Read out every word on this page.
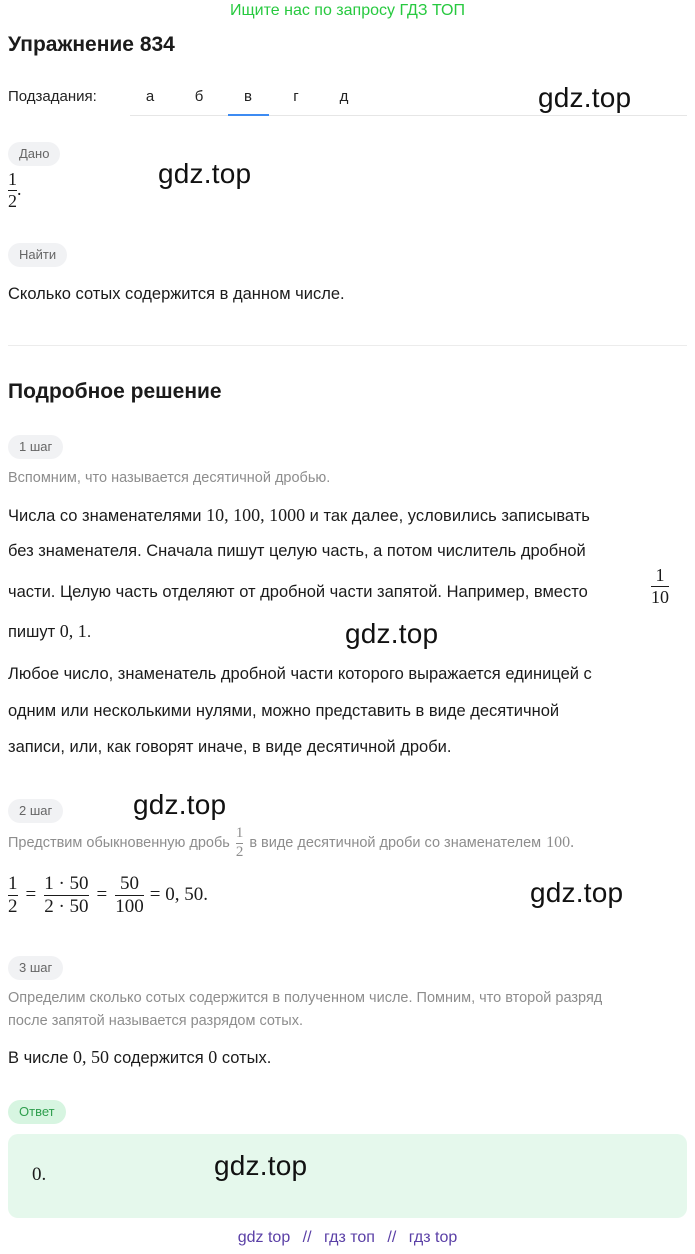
Ищите нас по запросу ГДЗ ТОП
Упражнение 834
Подзадания:	а	б	в	г	д	gdz.top
Дано
$\frac{1}{2}$ .
gdz.top
Найти
Сколько сотых содержится в данном числе.
Подробное решение
1 шаг
Вспомним, что называется десятичной дробью.
Числа со знаменателями 10, 100, 1000 и так далее, условились записывать
без знаменателя. Сначала пишут целую часть, а потом числитель дробной
части. Целую часть отделяют от дробной части запятой. Например, вместо	$\frac{1}{10}$
пишут 0, 1.	gdz.top
Любое число, знаменатель дробной части которого выражается единицей с
одним или несколькими нулями, можно представить в виде десятичной
записи, или, как говорят иначе, в виде десятичной дроби.
2 шаг	gdz.top
Предствим обыкновенную дробь $\frac{1}{2}$ в виде десятичной дроби со знаменателем 100.
$\frac{1}{2} = \frac{1 \cdot 50}{2 \cdot 50} = \frac{50}{100} = 0$, 50.	gdz.top
3 шаг
Определим сколько сотых содержится в полученном числе. Помним, что второй разряд
после запятой называется разрядом сотых.
В числе 0, 50 содержится 0 сотых.
Ответ
0.	gdz.top
gdz top // гдз топ // гдз top
